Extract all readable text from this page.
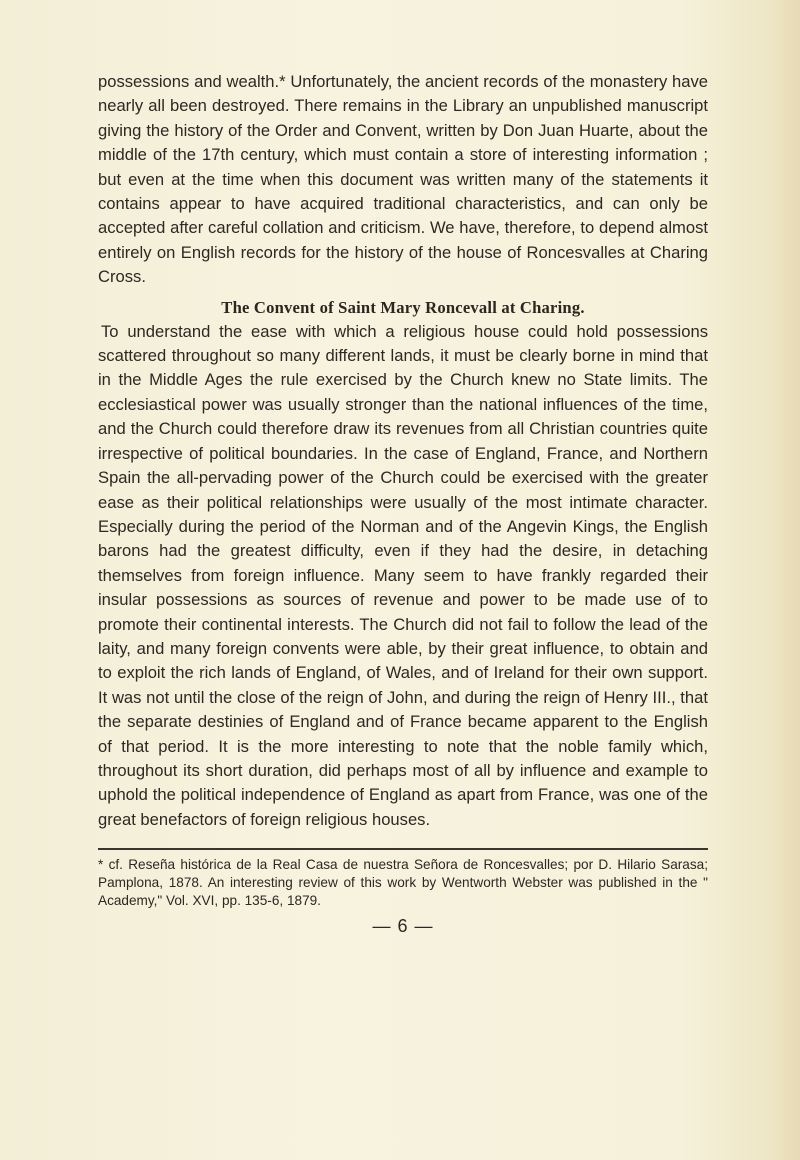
possessions and wealth.* Unfortunately, the ancient records of the monastery have nearly all been destroyed. There remains in the Library an unpublished manuscript giving the history of the Order and Convent, written by Don Juan Huarte, about the middle of the 17th century, which must contain a store of interesting information ; but even at the time when this document was written many of the statements it contains appear to have acquired traditional characteristics, and can only be accepted after careful collation and criticism. We have, therefore, to depend almost entirely on English records for the history of the house of Roncesvalles at Charing Cross.

The Convent of Saint Mary Roncevall at Charing.

To understand the ease with which a religious house could hold possessions scattered throughout so many different lands, it must be clearly borne in mind that in the Middle Ages the rule exercised by the Church knew no State limits. The ecclesiastical power was usually stronger than the national influences of the time, and the Church could therefore draw its revenues from all Christian countries quite irrespective of political boundaries. In the case of England, France, and Northern Spain the all-pervading power of the Church could be exercised with the greater ease as their political relationships were usually of the most intimate character. Especially during the period of the Norman and of the Angevin Kings, the English barons had the greatest difficulty, even if they had the desire, in detaching themselves from foreign influence. Many seem to have frankly regarded their insular possessions as sources of revenue and power to be made use of to promote their continental interests. The Church did not fail to follow the lead of the laity, and many foreign convents were able, by their great influence, to obtain and to exploit the rich lands of England, of Wales, and of Ireland for their own support. It was not until the close of the reign of John, and during the reign of Henry III., that the separate destinies of England and of France became apparent to the English of that period. It is the more interesting to note that the noble family which, throughout its short duration, did perhaps most of all by influence and example to uphold the political independence of England as apart from France, was one of the great benefactors of foreign religious houses.

* cf. Reseña histórica de la Real Casa de nuestra Señora de Roncesvalles; por D. Hilario Sarasa; Pamplona, 1878. An interesting review of this work by Wentworth Webster was published in the " Academy," Vol. XVI, pp. 135-6, 1879.

— 6 —
